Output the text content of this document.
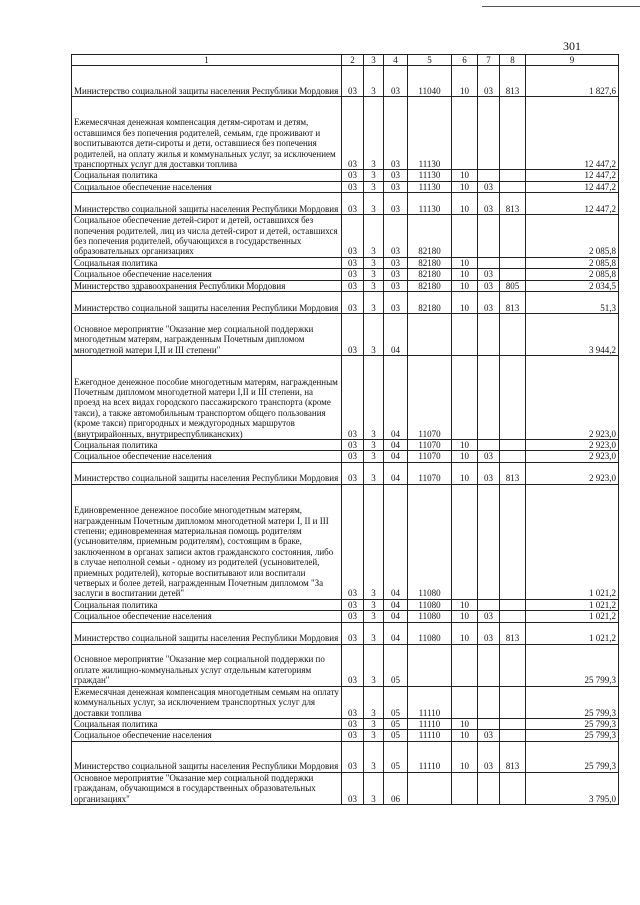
301
1	2	3	4	5	6	7	8	9
Министерство социальной защиты населения Республики Мордовия	03	3	03	11040	10	03	813	1 827,6
Ежемесячная денежная компенсация детям-сиротам и детям, оставшимся без попечения родителей, семьям, где проживают и воспитываются дети-сироты и дети, оставшиеся без попечения родителей, на оплату жилья и коммунальных услуг, за исключением транспортных услуг для доставки топлива	03	3	03	11130				12 447,2
Социальная политика	03	3	03	11130	10			12 447,2
Социальное обеспечение населения	03	3	03	11130	10	03		12 447,2
Министерство социальной защиты населения Республики Мордовия	03	3	03	11130	10	03	813	12 447,2
Социальное обеспечение детей-сирот и детей, оставшихся без попечения родителей, лиц из числа детей-сирот и детей, оставшихся без попечения родителей, обучающихся в государственных образовательных организациях	03	3	03	82180				2 085,8
Социальная политика	03	3	03	82180	10			2 085,8
Социальное обеспечение населения	03	3	03	82180	10	03		2 085,8
Министерство здравоохранения Республики Мордовия	03	3	03	82180	10	03	805	2 034,5
Министерство социальной защиты населения Республики Мордовия	03	3	03	82180	10	03	813	51,3
Основное мероприятие "Оказание мер социальной поддержки многодетным матерям, награжденным Почетным дипломом многодетной матери I,II и III степени"	03	3	04					3 944,2
Ежегодное денежное пособие многодетным матерям, награжденным Почетным дипломом многодетной матери I,II и III степени, на проезд на всех видах городского пассажирского транспорта (кроме такси), а также автомобильным транспортом общего пользования (кроме такси) пригородных и междугородных маршрутов (внутрирайонных, внутриреспубликанских)	03	3	04	11070				2 923,0
Социальная политика	03	3	04	11070	10			2 923,0
Социальное обеспечение населения	03	3	04	11070	10	03		2 923,0
Министерство социальной защиты населения Республики Мордовия	03	3	04	11070	10	03	813	2 923,0
Единовременное денежное пособие многодетным матерям, награжденным Почетным дипломом многодетной матери I, II и III степени; единовременная материальная помощь родителям (усыновителям, приемным родителям), состоящим в браке, заключенном в органах записи актов гражданского состояния, либо в случае неполной семьи - одному из родителей (усыновителей, приемных родителей), которые воспитывают или воспитали четверых и более детей, награжденным Почетным дипломом "За заслуги в воспитании детей"	03	3	04	11080				1 021,2
Социальная политика	03	3	04	11080	10			1 021,2
Социальное обеспечение населения	03	3	04	11080	10	03		1 021,2
Министерство социальной защиты населения Республики Мордовия	03	3	04	11080	10	03	813	1 021,2
Основное мероприятие "Оказание мер социальной поддержки по оплате жилищно-коммунальных услуг отдельным категориям граждан"	03	3	05					25 799,3
Ежемесячная денежная компенсация многодетным семьям на оплату коммунальных услуг, за исключением транспортных услуг для доставки топлива	03	3	05	11110				25 799,3
Социальная политика	03	3	05	11110	10			25 799,3
Социальное обеспечение населения	03	3	05	11110	10	03		25 799,3
Министерство социальной защиты населения Республики Мордовия	03	3	05	11110	10	03	813	25 799,3
Основное мероприятие "Оказание мер социальной поддержки гражданам, обучающимся в государственных образовательных организациях"	03	3	06					3 795,0
